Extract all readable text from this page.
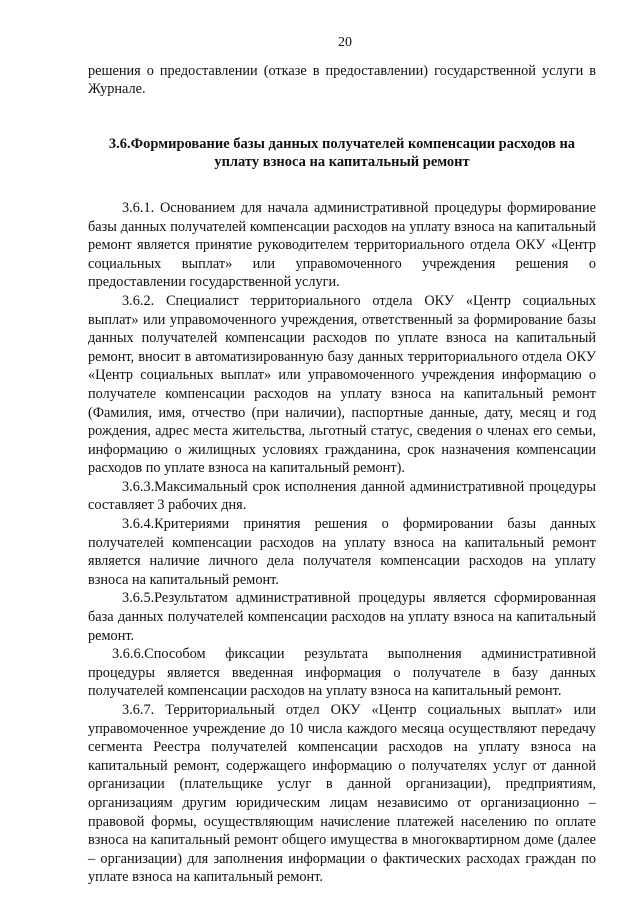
20

решения о предоставлении (отказе в предоставлении) государственной услуги в Журнале.

3.6.Формирование базы данных получателей компенсации расходов на уплату взноса на капитальный ремонт

3.6.1. Основанием для начала административной процедуры формирование базы данных получателей компенсации расходов на уплату взноса на капитальный ремонт является принятие руководителем территориального отдела ОКУ «Центр социальных выплат» или управомоченного учреждения решения о предоставлении государственной услуги.

3.6.2. Специалист территориального отдела ОКУ «Центр социальных выплат» или управомоченного учреждения, ответственный за формирование базы данных получателей компенсации расходов по уплате взноса на капитальный ремонт, вносит в автоматизированную базу данных территориального отдела ОКУ «Центр социальных выплат» или управомоченного учреждения информацию о получателе компенсации расходов на уплату взноса на капитальный ремонт (Фамилия, имя, отчество (при наличии), паспортные данные, дату, месяц и год рождения, адрес места жительства, льготный статус, сведения о членах его семьи, информацию о жилищных условиях гражданина, срок назначения компенсации расходов по уплате взноса на капитальный ремонт).

3.6.3.Максимальный срок исполнения данной административной процедуры составляет 3 рабочих дня.

3.6.4.Критериями принятия решения о формировании базы данных получателей компенсации расходов на уплату взноса на капитальный ремонт является наличие личного дела получателя компенсации расходов на уплату взноса на капитальный ремонт.

3.6.5.Результатом административной процедуры является сформированная база данных получателей компенсации расходов на уплату взноса на капитальный ремонт.

3.6.6.Способом фиксации результата выполнения административной процедуры является введенная информация о получателе в базу данных получателей компенсации расходов на уплату взноса на капитальный ремонт.

3.6.7. Территориальный отдел ОКУ «Центр социальных выплат» или управомоченное учреждение до 10 числа каждого месяца осуществляют передачу сегмента Реестра получателей компенсации расходов на уплату взноса на капитальный ремонт, содержащего информацию о получателях услуг от данной организации (плательщике услуг в данной организации), предприятиям, организациям другим юридическим лицам независимо от организационно – правовой формы, осуществляющим начисление платежей населению по оплате взноса на капитальный ремонт общего имущества в многоквартирном доме (далее – организации) для заполнения информации о фактических расходах граждан по уплате взноса на капитальный ремонт.
